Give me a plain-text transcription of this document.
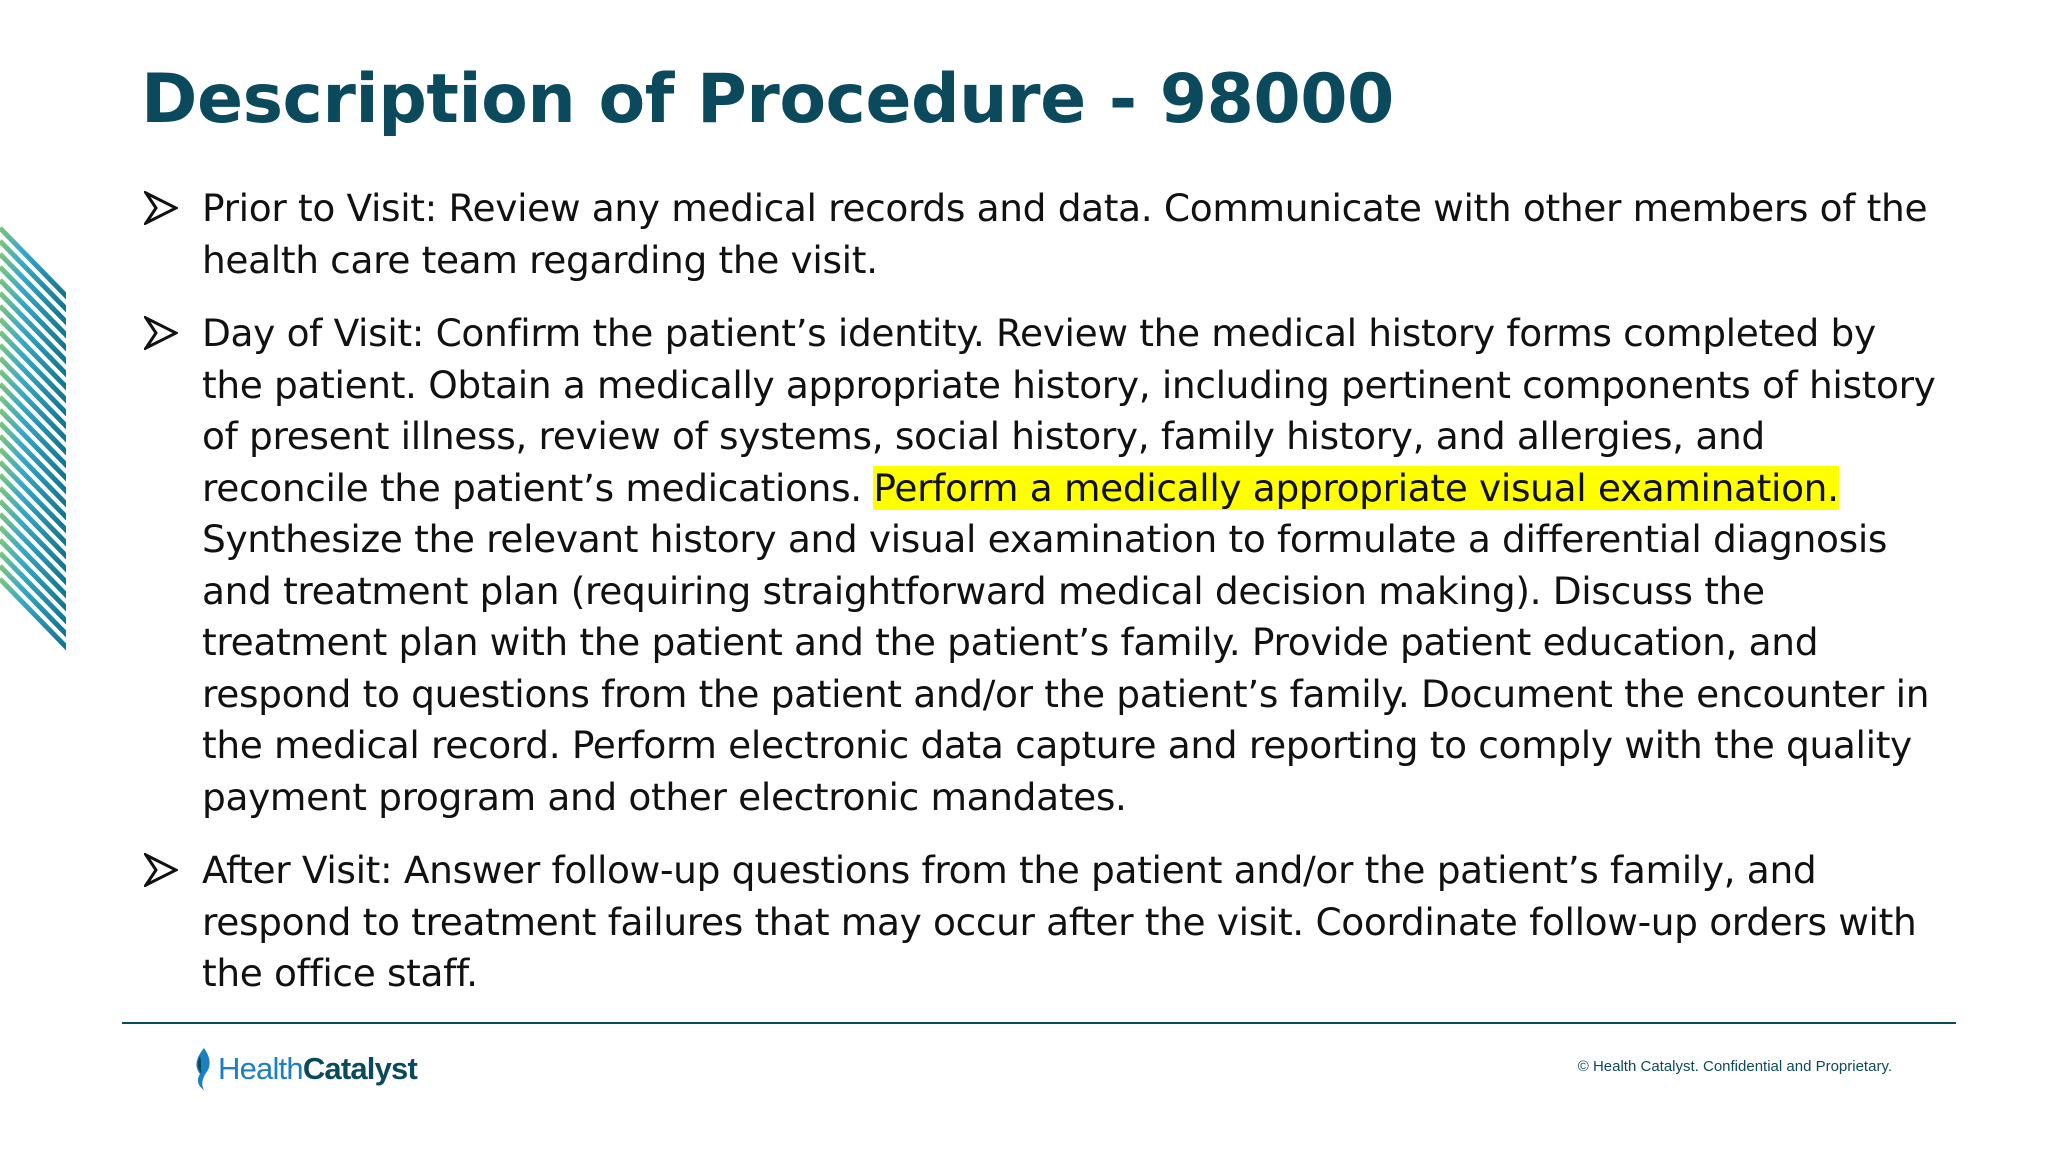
Description of Procedure - 98000
Prior to Visit: Review any medical records and data. Communicate with other members of the health care team regarding the visit.
Day of Visit: Confirm the patient’s identity. Review the medical history forms completed by the patient. Obtain a medically appropriate history, including pertinent components of history of present illness, review of systems, social history, family history, and allergies, and reconcile the patient’s medications. Perform a medically appropriate visual examination. Synthesize the relevant history and visual examination to formulate a differential diagnosis and treatment plan (requiring straightforward medical decision making). Discuss the treatment plan with the patient and the patient’s family. Provide patient education, and respond to questions from the patient and/or the patient’s family. Document the encounter in the medical record. Perform electronic data capture and reporting to comply with the quality payment program and other electronic mandates.
After Visit: Answer follow-up questions from the patient and/or the patient’s family, and respond to treatment failures that may occur after the visit. Coordinate follow-up orders with the office staff.
HealthCatalyst	© Health Catalyst. Confidential and Proprietary.
